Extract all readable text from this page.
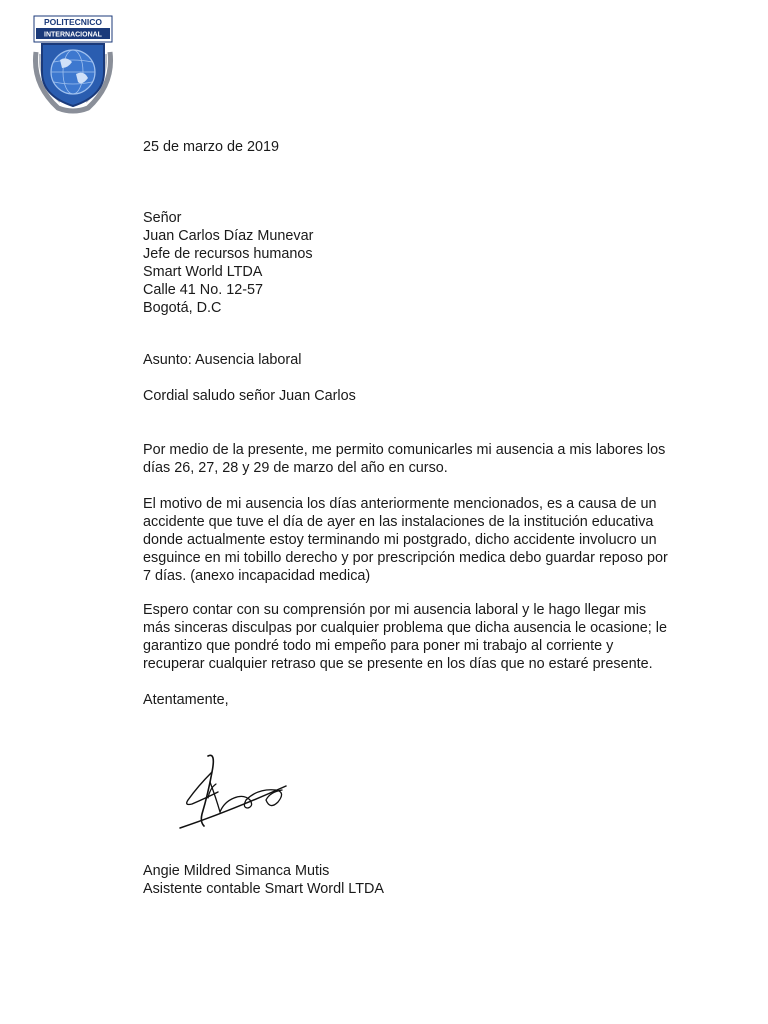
POLITECNICO
INTERNACIONAL
25 de marzo de 2019
Señor
Juan Carlos Díaz Munevar
Jefe de recursos humanos
Smart World LTDA
Calle 41 No. 12-57
Bogotá, D.C
Asunto: Ausencia laboral
Cordial saludo señor Juan Carlos
Por medio de la presente, me permito comunicarles mi ausencia a mis labores los
días 26, 27, 28 y 29 de marzo del año en curso.
El motivo de mi ausencia los días anteriormente mencionados, es a causa de un
accidente que tuve el día de ayer en las instalaciones de la institución educativa
donde actualmente estoy terminando mi postgrado, dicho accidente involucro un
esguince en mi tobillo derecho y por prescripción medica debo guardar reposo por
7 días. (anexo incapacidad medica)
Espero contar con su comprensión por mi ausencia laboral y le hago llegar mis
más sinceras disculpas por cualquier problema que dicha ausencia le ocasione; le
garantizo que pondré todo mi empeño para poner mi trabajo al corriente y
recuperar cualquier retraso que se presente en los días que no estaré presente.
Atentamente,
Angie Mildred Simanca Mutis
Asistente contable Smart Wordl LTDA
